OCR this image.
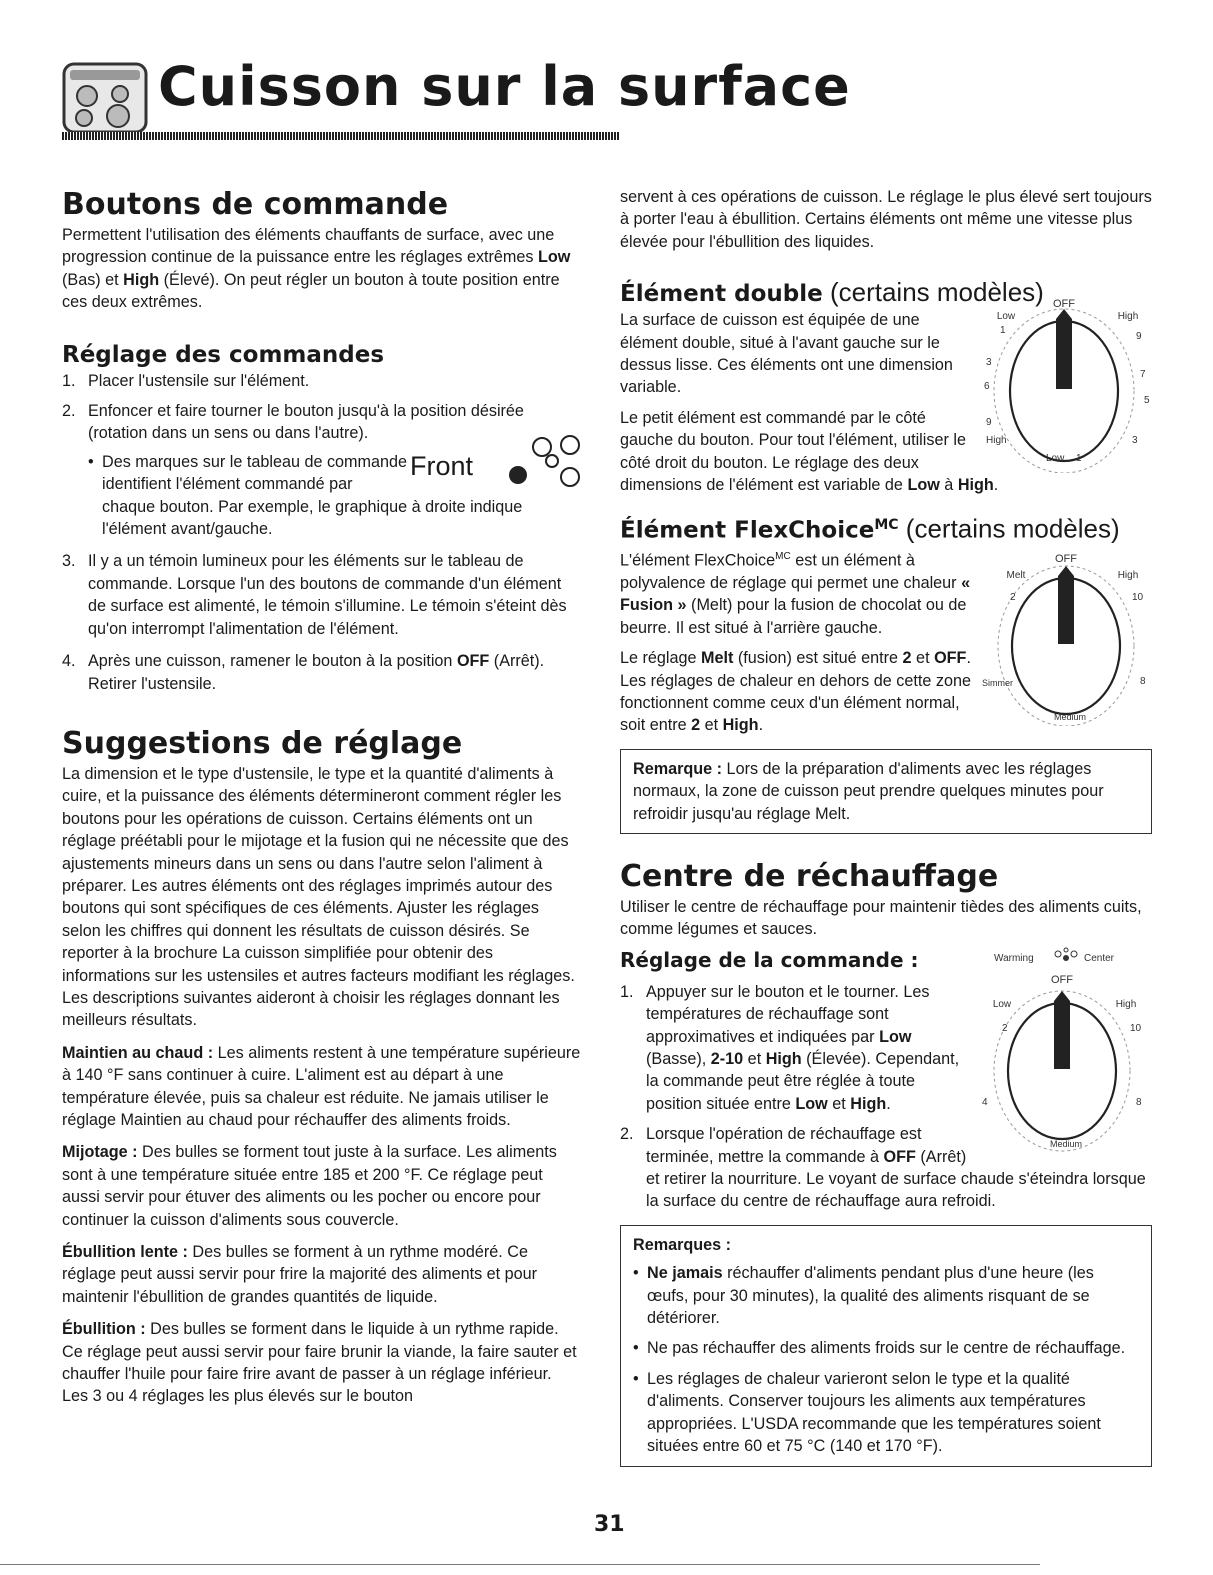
Cuisson sur la surface
Boutons de commande

Permettent l'utilisation des éléments chauffants de surface, avec une progression continue de la puissance entre les réglages extrêmes Low (Bas) et High (Élevé). On peut régler un bouton à toute position entre ces deux extrêmes.

Réglage des commandes
1. Placer l'ustensile sur l'élément.
2. Enfoncer et faire tourner le bouton jusqu'à la position désirée (rotation dans un sens ou dans l'autre).
•	Front
Des marques sur le tableau de commande identifient l'élément commandé par chaque bouton. Par exemple, le graphique à droite indique l'élément avant/gauche.
3. Il y a un témoin lumineux pour les éléments sur le tableau de commande. Lorsque l'un des boutons de commande d'un élément de surface est alimenté, le témoin s'illumine. Le témoin s'éteint dès qu'on interrompt l'alimentation de l'élément.
4. Après une cuisson, ramener le bouton à la position OFF (Arrêt). Retirer l'ustensile.
Suggestions de réglage

La dimension et le type d'ustensile, le type et la quantité d'aliments à cuire, et la puissance des éléments détermineront comment régler les boutons pour les opérations de cuisson. Certains éléments ont un réglage préétabli pour le mijotage et la fusion qui ne nécessite que des ajustements mineurs dans un sens ou dans l'autre selon l'aliment à préparer. Les autres éléments ont des réglages imprimés autour des boutons qui sont spécifiques de ces éléments. Ajuster les réglages selon les chiffres qui donnent les résultats de cuisson désirés. Se reporter à la brochure La cuisson simplifiée pour obtenir des informations sur les ustensiles et autres facteurs modifiant les réglages. Les descriptions suivantes aideront à choisir les réglages donnant les meilleurs résultats.

Maintien au chaud : Les aliments restent à une température supérieure à 140 °F sans continuer à cuire. L'aliment est au départ à une température élevée, puis sa chaleur est réduite. Ne jamais utiliser le réglage Maintien au chaud pour réchauffer des aliments froids.

Mijotage : Des bulles se forment tout juste à la surface. Les aliments sont à une température située entre 185 et 200 °F. Ce réglage peut aussi servir pour étuver des aliments ou les pocher ou encore pour continuer la cuisson d'aliments sous couvercle.

Ébullition lente : Des bulles se forment à un rythme modéré. Ce réglage peut aussi servir pour frire la majorité des aliments et pour maintenir l'ébullition de grandes quantités de liquide.

Ébullition : Des bulles se forment dans le liquide à un rythme rapide. Ce réglage peut aussi servir pour faire brunir la viande, la faire sauter et chauffer l'huile pour faire frire avant de passer à un réglage inférieur. Les 3 ou 4 réglages les plus élevés sur le bouton

servent à ces opérations de cuisson. Le réglage le plus élevé sert toujours à porter l'eau à ébullition. Certains éléments ont même une vitesse plus élevée pour l'ébullition des liquides.

Élément double (certains modèles) OFF
Low	High
1
9
3
7
6
5
9
3
High
Low 1

La surface de cuisson est équipée de une élément double, situé à l'avant gauche sur le dessus lisse. Ces éléments ont une dimension variable.

Le petit élément est commandé par le côté gauche du bouton. Pour tout l'élément, utiliser le côté droit du bouton. Le réglage des deux dimensions de l'élément est variable de Low à High.

Élément FlexChoice$^{MC}$ (certains modèles)
OFF
Melt	High
2	10
Simmer	8
Medium

L'élément FlexChoice$^{MC}$ est un élément à polyvalence de réglage qui permet une chaleur « Fusion » (Melt) pour la fusion de chocolat ou de beurre. Il est situé à l'arrière gauche.

Le réglage Melt (fusion) est situé entre 2 et OFF. Les réglages de chaleur en dehors de cette zone fonctionnent comme ceux d'un élément normal, soit entre 2 et High.

Remarque : Lors de la préparation d'aliments avec les réglages normaux, la zone de cuisson peut prendre quelques minutes pour refroidir jusqu'au réglage Melt.
Centre de réchauffage

Utiliser le centre de réchauffage pour maintenir tièdes des aliments cuits, comme légumes et sauces.

Warming	Center
OFF
Low	High
2	10
4	8
Medium
Réglage de la commande :
1. Appuyer sur le bouton et le tourner. Les températures de réchauffage sont approximatives et indiquées par Low (Basse), 2-10 et High (Élevée). Cependant, la commande peut être réglée à toute position située entre Low et High.
2. Lorsque l'opération de réchauffage est terminée, mettre la commande à OFF (Arrêt) et retirer la nourriture. Le voyant de surface chaude s'éteindra lorsque la surface du centre de réchauffage aura refroidi.
Remarques :
• Ne jamais réchauffer d'aliments pendant plus d'une heure (les œufs, pour 30 minutes), la qualité des aliments risquant de se détériorer.
• Ne pas réchauffer des aliments froids sur le centre de réchauffage.
• Les réglages de chaleur varieront selon le type et la qualité d'aliments. Conserver toujours les aliments aux températures appropriées. L'USDA recommande que les températures soient situées entre 60 et 75 °C (140 et 170 °F).
31
